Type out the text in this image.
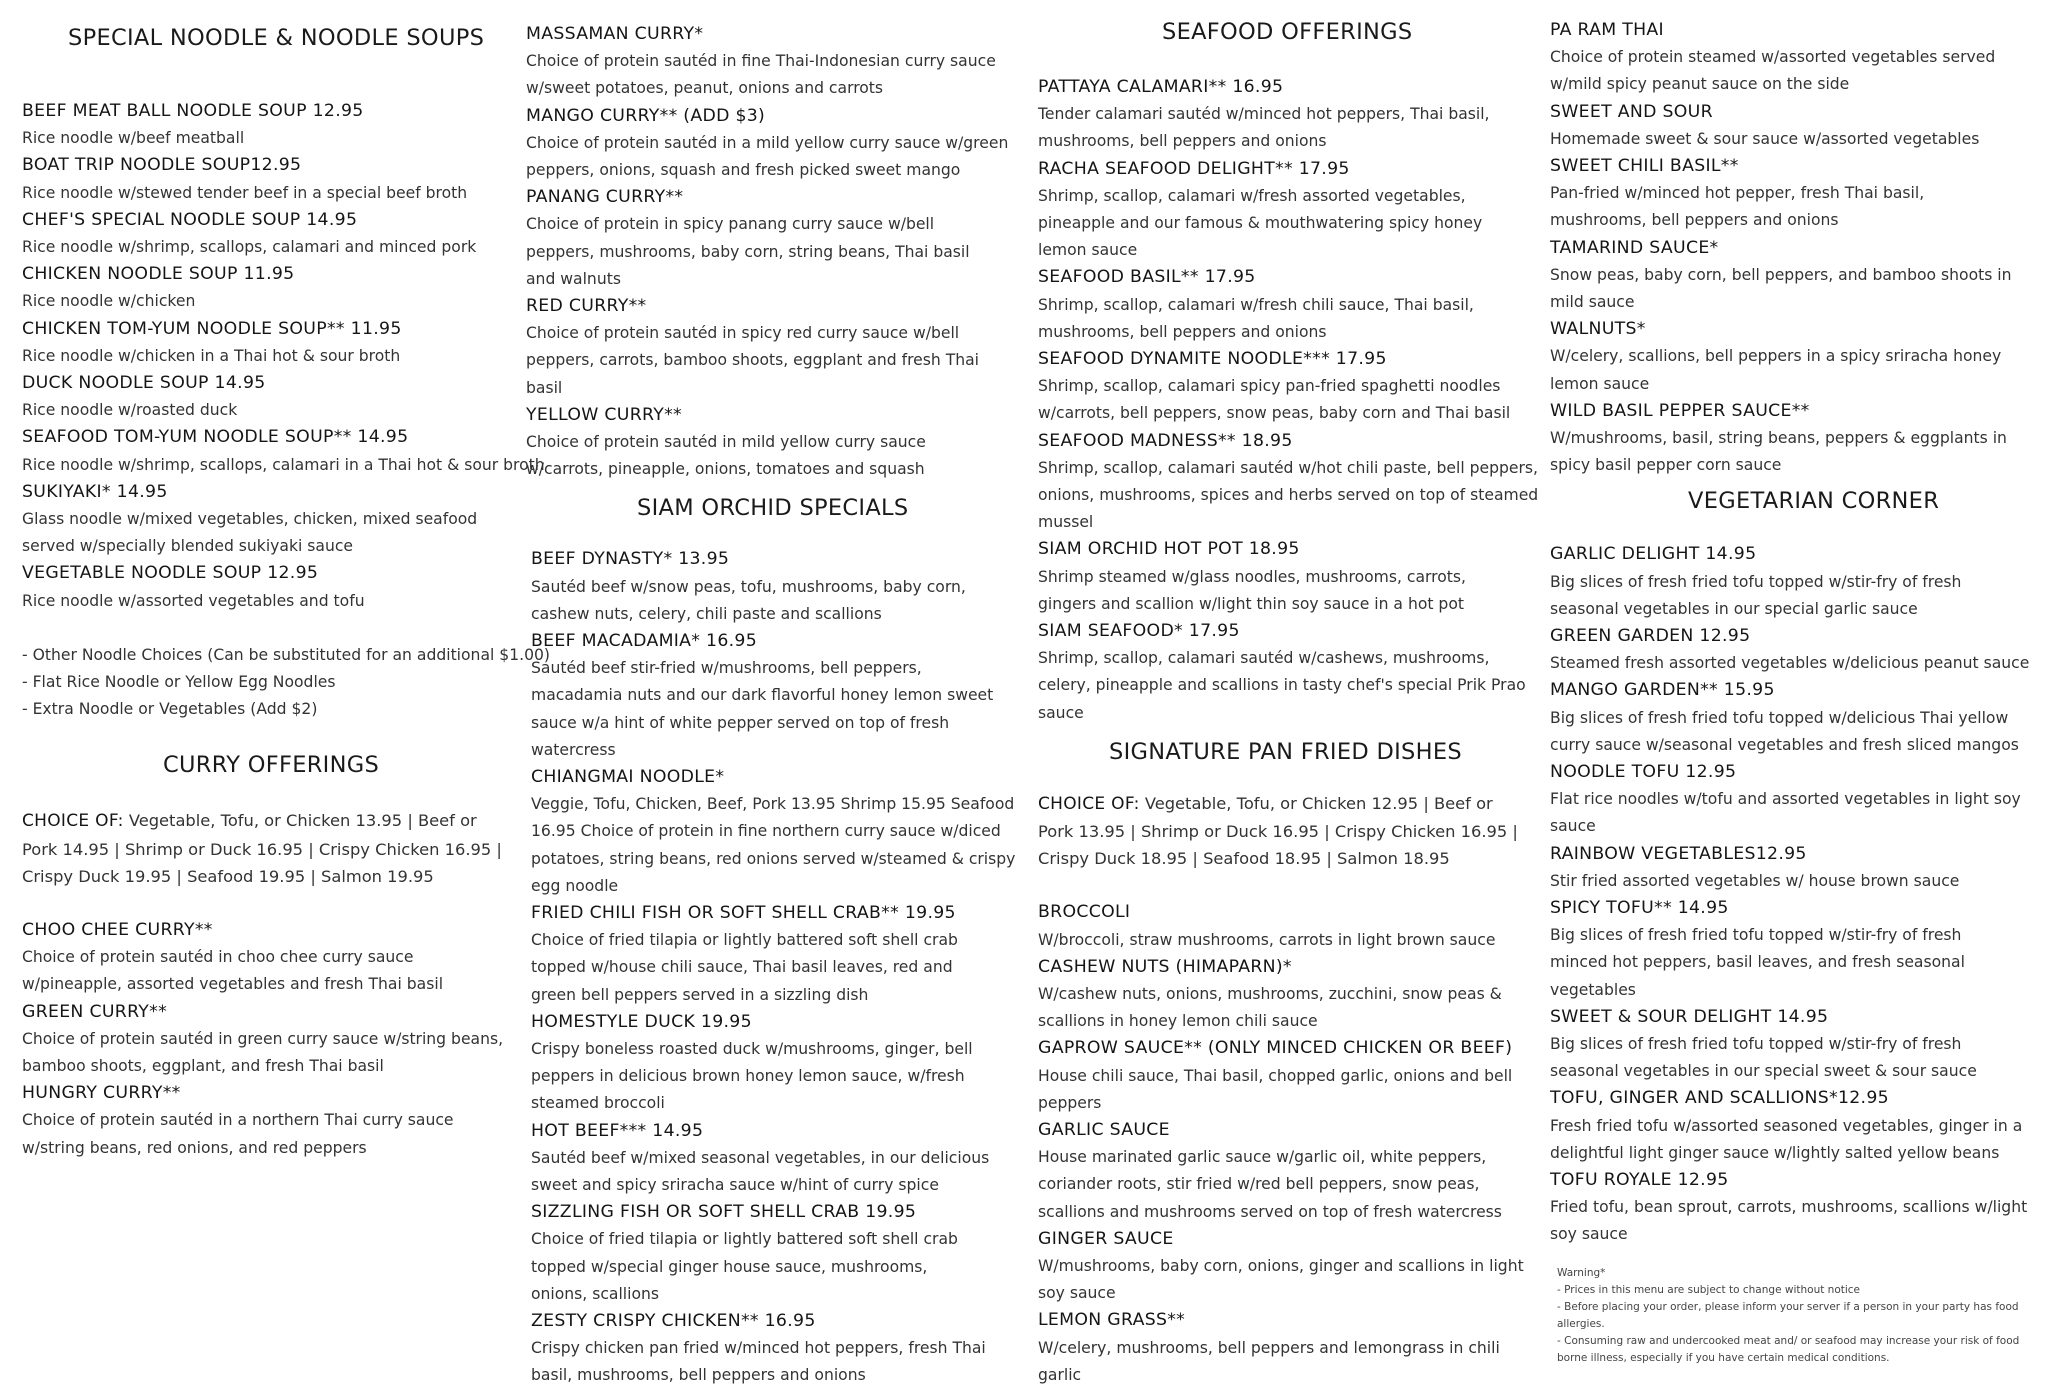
SPECIAL NOODLE & NOODLE SOUPS
BEEF MEAT BALL NOODLE SOUP 12.95
Rice noodle w/beef meatball
BOAT TRIP NOODLE SOUP12.95
Rice noodle w/stewed tender beef in a special beef broth
CHEF'S SPECIAL NOODLE SOUP 14.95
Rice noodle w/shrimp, scallops, calamari and minced pork
CHICKEN NOODLE SOUP 11.95
Rice noodle w/chicken
CHICKEN TOM-YUM NOODLE SOUP** 11.95
Rice noodle w/chicken in a Thai hot & sour broth
DUCK NOODLE SOUP 14.95
Rice noodle w/roasted duck
SEAFOOD TOM-YUM NOODLE SOUP** 14.95
Rice noodle w/shrimp, scallops, calamari in a Thai hot & sour broth
SUKIYAKI* 14.95
Glass noodle w/mixed vegetables, chicken, mixed seafood served w/specially blended sukiyaki sauce
VEGETABLE NOODLE SOUP 12.95
Rice noodle w/assorted vegetables and tofu
- Other Noodle Choices (Can be substituted for an additional $1.00)
- Flat Rice Noodle or Yellow Egg Noodles
- Extra Noodle or Vegetables (Add $2)
CURRY OFFERINGS
CHOICE OF: Vegetable, Tofu, or Chicken 13.95 | Beef or Pork 14.95 | Shrimp or Duck 16.95 | Crispy Chicken 16.95 | Crispy Duck 19.95 | Seafood 19.95 | Salmon 19.95
CHOO CHEE CURRY**
Choice of protein sautéd in choo chee curry sauce w/pineapple, assorted vegetables and fresh Thai basil
GREEN CURRY**
Choice of protein sautéd in green curry sauce w/string beans, bamboo shoots, eggplant, and fresh Thai basil
HUNGRY CURRY**
Choice of protein sautéd in a northern Thai curry sauce w/string beans, red onions, and red peppers
MASSAMAN CURRY*
Choice of protein sautéd in fine Thai-Indonesian curry sauce w/sweet potatoes, peanut, onions and carrots
MANGO CURRY** (ADD $3)
Choice of protein sautéd in a mild yellow curry sauce w/green peppers, onions, squash and fresh picked sweet mango
PANANG CURRY**
Choice of protein in spicy panang curry sauce w/bell peppers, mushrooms, baby corn, string beans, Thai basil and walnuts
RED CURRY**
Choice of protein sautéd in spicy red curry sauce w/bell peppers, carrots, bamboo shoots, eggplant and fresh Thai basil
YELLOW CURRY**
Choice of protein sautéd in mild yellow curry sauce w/carrots, pineapple, onions, tomatoes and squash
SIAM ORCHID SPECIALS
BEEF DYNASTY* 13.95
Sautéd beef w/snow peas, tofu, mushrooms, baby corn, cashew nuts, celery, chili paste and scallions
BEEF MACADAMIA* 16.95
Sautéd beef stir-fried w/mushrooms, bell peppers, macadamia nuts and our dark flavorful honey lemon sweet sauce w/a hint of white pepper served on top of fresh watercress
CHIANGMAI NOODLE*
Veggie, Tofu, Chicken, Beef, Pork 13.95 Shrimp 15.95 Seafood 16.95 Choice of protein in fine northern curry sauce w/diced potatoes, string beans, red onions served w/steamed & crispy egg noodle
FRIED CHILI FISH OR SOFT SHELL CRAB** 19.95
Choice of fried tilapia or lightly battered soft shell crab topped w/house chili sauce, Thai basil leaves, red and green bell peppers served in a sizzling dish
HOMESTYLE DUCK 19.95
Crispy boneless roasted duck w/mushrooms, ginger, bell peppers in delicious brown honey lemon sauce, w/fresh steamed broccoli
HOT BEEF*** 14.95
Sautéd beef w/mixed seasonal vegetables, in our delicious sweet and spicy sriracha sauce w/hint of curry spice
SIZZLING FISH OR SOFT SHELL CRAB 19.95
Choice of fried tilapia or lightly battered soft shell crab topped w/special ginger house sauce, mushrooms, onions, scallions
ZESTY CRISPY CHICKEN** 16.95
Crispy chicken pan fried w/minced hot peppers, fresh Thai basil, mushrooms, bell peppers and onions
SEAFOOD OFFERINGS
PATTAYA CALAMARI** 16.95
Tender calamari sautéd w/minced hot peppers, Thai basil, mushrooms, bell peppers and onions
RACHA SEAFOOD DELIGHT** 17.95
Shrimp, scallop, calamari w/fresh assorted vegetables, pineapple and our famous & mouthwatering spicy honey lemon sauce
SEAFOOD BASIL** 17.95
Shrimp, scallop, calamari w/fresh chili sauce, Thai basil, mushrooms, bell peppers and onions
SEAFOOD DYNAMITE NOODLE*** 17.95
Shrimp, scallop, calamari spicy pan-fried spaghetti noodles w/carrots, bell peppers, snow peas, baby corn and Thai basil
SEAFOOD MADNESS** 18.95
Shrimp, scallop, calamari sautéd w/hot chili paste, bell peppers, onions, mushrooms, spices and herbs served on top of steamed mussel
SIAM ORCHID HOT POT 18.95
Shrimp steamed w/glass noodles, mushrooms, carrots, gingers and scallion w/light thin soy sauce in a hot pot
SIAM SEAFOOD* 17.95
Shrimp, scallop, calamari sautéd w/cashews, mushrooms, celery, pineapple and scallions in tasty chef's special Prik Prao sauce
SIGNATURE PAN FRIED DISHES
CHOICE OF: Vegetable, Tofu, or Chicken 12.95 | Beef or Pork 13.95 | Shrimp or Duck 16.95 | Crispy Chicken 16.95 | Crispy Duck 18.95 | Seafood 18.95 | Salmon 18.95
BROCCOLI
W/broccoli, straw mushrooms, carrots in light brown sauce
CASHEW NUTS (HIMAPARN)*
W/cashew nuts, onions, mushrooms, zucchini, snow peas & scallions in honey lemon chili sauce
GAPROW SAUCE** (ONLY MINCED CHICKEN OR BEEF)
House chili sauce, Thai basil, chopped garlic, onions and bell peppers
GARLIC SAUCE
House marinated garlic sauce w/garlic oil, white peppers, coriander roots, stir fried w/red bell peppers, snow peas, scallions and mushrooms served on top of fresh watercress
GINGER SAUCE
W/mushrooms, baby corn, onions, ginger and scallions in light soy sauce
LEMON GRASS**
W/celery, mushrooms, bell peppers and lemongrass in chili garlic
PA RAM THAI
Choice of protein steamed w/assorted vegetables served w/mild spicy peanut sauce on the side
SWEET AND SOUR
Homemade sweet & sour sauce w/assorted vegetables
SWEET CHILI BASIL**
Pan-fried w/minced hot pepper, fresh Thai basil, mushrooms, bell peppers and onions
TAMARIND SAUCE*
Snow peas, baby corn, bell peppers, and bamboo shoots in mild sauce
WALNUTS*
W/celery, scallions, bell peppers in a spicy sriracha honey lemon sauce
WILD BASIL PEPPER SAUCE**
W/mushrooms, basil, string beans, peppers & eggplants in spicy basil pepper corn sauce
VEGETARIAN CORNER
GARLIC DELIGHT 14.95
Big slices of fresh fried tofu topped w/stir-fry of fresh seasonal vegetables in our special garlic sauce
GREEN GARDEN 12.95
Steamed fresh assorted vegetables w/delicious peanut sauce
MANGO GARDEN** 15.95
Big slices of fresh fried tofu topped w/delicious Thai yellow curry sauce w/seasonal vegetables and fresh sliced mangos
NOODLE TOFU 12.95
Flat rice noodles w/tofu and assorted vegetables in light soy sauce
RAINBOW VEGETABLES12.95
Stir fried assorted vegetables w/ house brown sauce
SPICY TOFU** 14.95
Big slices of fresh fried tofu topped w/stir-fry of fresh minced hot peppers, basil leaves, and fresh seasonal vegetables
SWEET & SOUR DELIGHT 14.95
Big slices of fresh fried tofu topped w/stir-fry of fresh seasonal vegetables in our special sweet & sour sauce
TOFU, GINGER AND SCALLIONS*12.95
Fresh fried tofu w/assorted seasoned vegetables, ginger in a delightful light ginger sauce w/lightly salted yellow beans
TOFU ROYALE 12.95
Fried tofu, bean sprout, carrots, mushrooms, scallions w/light soy sauce
Warning*
- Prices in this menu are subject to change without notice
- Before placing your order, please inform your server if a person in your party has food allergies.
- Consuming raw and undercooked meat and/ or seafood may increase your risk of food borne illness, especially if you have certain medical conditions.
